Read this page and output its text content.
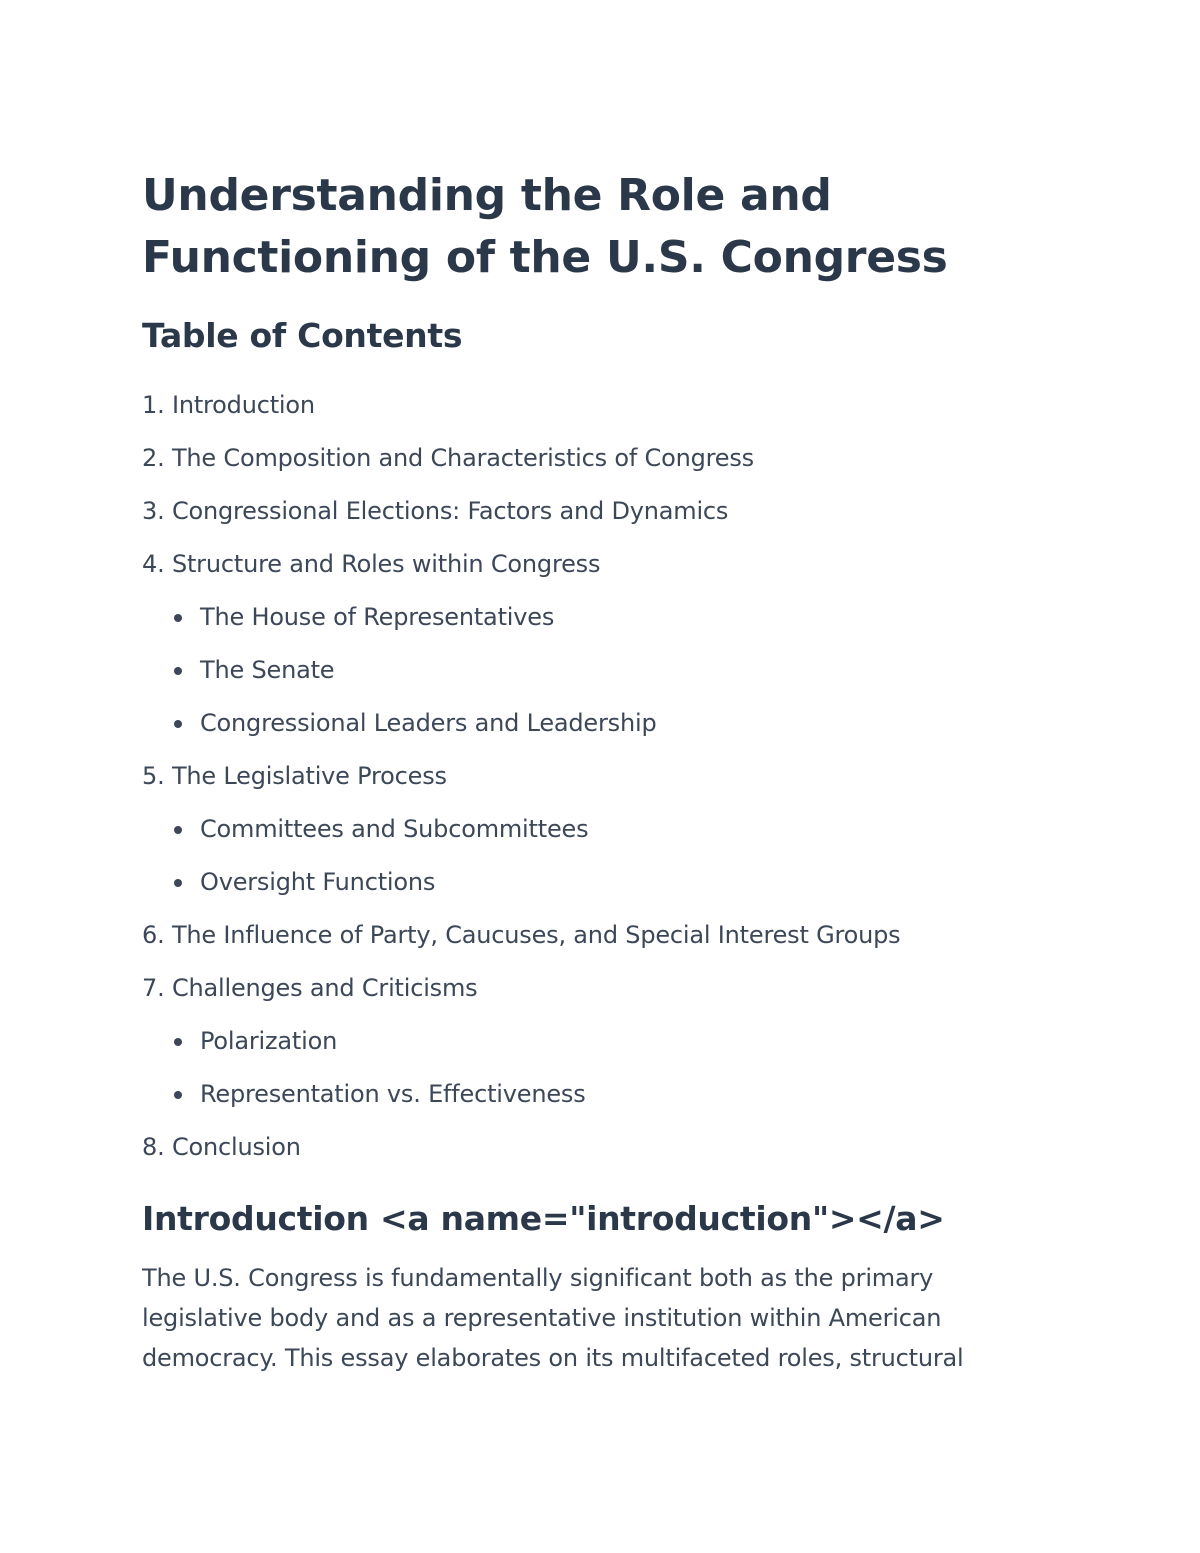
Understanding the Role and Functioning of the U.S. Congress
Table of Contents
1. Introduction
2. The Composition and Characteristics of Congress
3. Congressional Elections: Factors and Dynamics
4. Structure and Roles within Congress
The House of Representatives
The Senate
Congressional Leaders and Leadership
5. The Legislative Process
Committees and Subcommittees
Oversight Functions
6. The Influence of Party, Caucuses, and Special Interest Groups
7. Challenges and Criticisms
Polarization
Representation vs. Effectiveness
8. Conclusion
Introduction <a name="introduction"></a>

The U.S. Congress is fundamentally significant both as the primary legislative body and as a representative institution within American democracy. This essay elaborates on its multifaceted roles, structural
